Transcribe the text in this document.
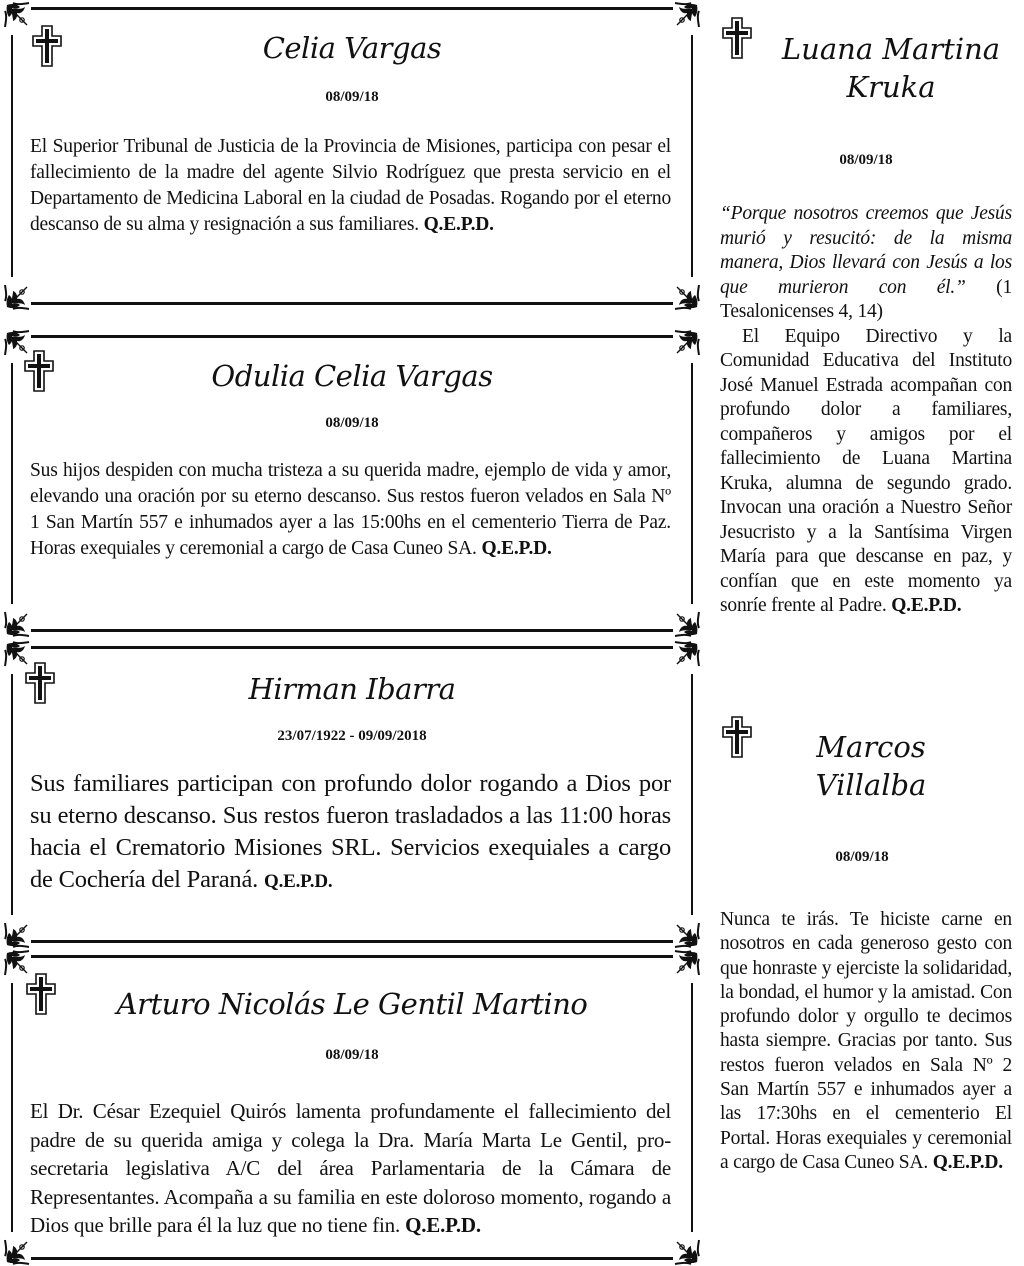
Celia Vargas
08/09/18
El Superior Tribunal de Justicia de la Provincia de Misiones, participa con pesar el fallecimiento de la madre del agente Silvio Rodríguez que presta servicio en el Departamento de Medicina Laboral en la ciudad de Posadas. Rogando por el eterno descanso de su alma y resignación a sus familiares. Q.E.P.D.
Odulia Celia Vargas
08/09/18
Sus hijos despiden con mucha tristeza a su querida madre, ejemplo de vida y amor, elevando una oración por su eterno descanso. Sus restos fueron velados en Sala Nº 1 San Martín 557 e inhumados ayer a las 15:00hs en el cementerio Tierra de Paz. Horas exequiales y ceremonial a cargo de Casa Cuneo SA. Q.E.P.D.
Hirman Ibarra
23/07/1922 - 09/09/2018
Sus familiares participan con profundo dolor rogando a Dios por su eterno descanso. Sus restos fueron trasladados a las 11:00 horas hacia el Crematorio Misiones SRL. Servicios exequiales a cargo de Cochería del Paraná. Q.E.P.D.
Arturo Nicolás Le Gentil Martino
08/09/18
El Dr. César Ezequiel Quirós lamenta profundamente el fallecimiento del padre de su querida amiga y colega la Dra. María Marta Le Gentil, pro-secretaria legislativa A/C del área Parlamentaria de la Cámara de Representantes. Acompaña a su familia en este doloroso momento, rogando a Dios que brille para él la luz que no tiene fin. Q.E.P.D.
Luana Martina
Kruka
08/09/18
“Porque nosotros creemos que Jesús murió y resucitó: de la misma manera, Dios llevará con Jesús a los que murieron con él.” (1 Tesalonicenses 4, 14)
El Equipo Directivo y la Comunidad Educativa del Instituto José Manuel Estrada acompañan con profundo dolor a familiares, compañeros y amigos por el fallecimiento de Luana Martina Kruka, alumna de segundo grado. Invocan una oración a Nuestro Señor Jesucristo y a la Santísima Virgen María para que descanse en paz, y confían que en este momento ya sonríe frente al Padre. Q.E.P.D.
Marcos
Villalba
08/09/18
Nunca te irás. Te hiciste carne en nosotros en cada generoso gesto con que honraste y ejerciste la solidaridad, la bondad, el humor y la amistad. Con profundo dolor y orgullo te decimos hasta siempre. Gracias por tanto. Sus restos fueron velados en Sala Nº 2 San Martín 557 e inhumados ayer a las 17:30hs en el cementerio El Portal. Horas exequiales y ceremonial a cargo de Casa Cuneo SA. Q.E.P.D.
